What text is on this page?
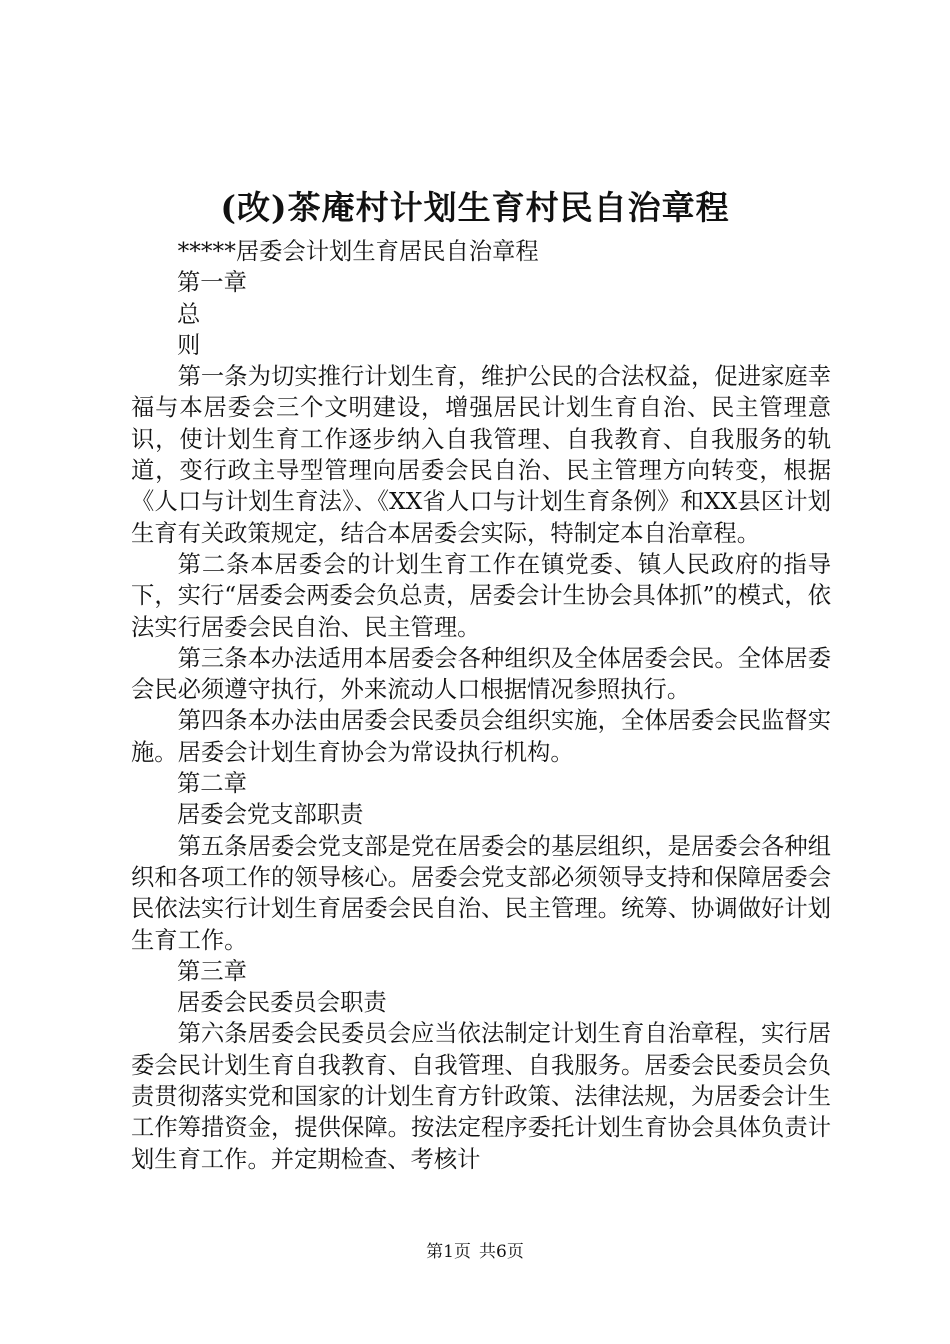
(改)茶庵村计划生育村民自治章程

*****居委会计划生育居民自治章程

第一章

总

则

第一条为切实推行计划生育，维护公民的合法权益，促进家庭幸福与本居委会三个文明建设，增强居民计划生育自治、民主管理意识，使计划生育工作逐步纳入自我管理、自我教育、自我服务的轨道，变行政主导型管理向居委会民自治、民主管理方向转变，根据《人口与计划生育法》、《XX省人口与计划生育条例》和XX县区计划生育有关政策规定，结合本居委会实际，特制定本自治章程。

第二条本居委会的计划生育工作在镇党委、镇人民政府的指导下，实行“居委会两委会负总责，居委会计生协会具体抓”的模式，依法实行居委会民自治、民主管理。

第三条本办法适用本居委会各种组织及全体居委会民。全体居委会民必须遵守执行，外来流动人口根据情况参照执行。

第四条本办法由居委会民委员会组织实施，全体居委会民监督实施。居委会计划生育协会为常设执行机构。

第二章

居委会党支部职责

第五条居委会党支部是党在居委会的基层组织，是居委会各种组织和各项工作的领导核心。居委会党支部必须领导支持和保障居委会民依法实行计划生育居委会民自治、民主管理。统筹、协调做好计划生育工作。

第三章

居委会民委员会职责

第六条居委会民委员会应当依法制定计划生育自治章程，实行居委会民计划生育自我教育、自我管理、自我服务。居委会民委员会负责贯彻落实党和国家的计划生育方针政策、法律法规，为居委会计生工作筹措资金，提供保障。按法定程序委托计划生育协会具体负责计划生育工作。并定期检查、考核计

第1页 共6页
